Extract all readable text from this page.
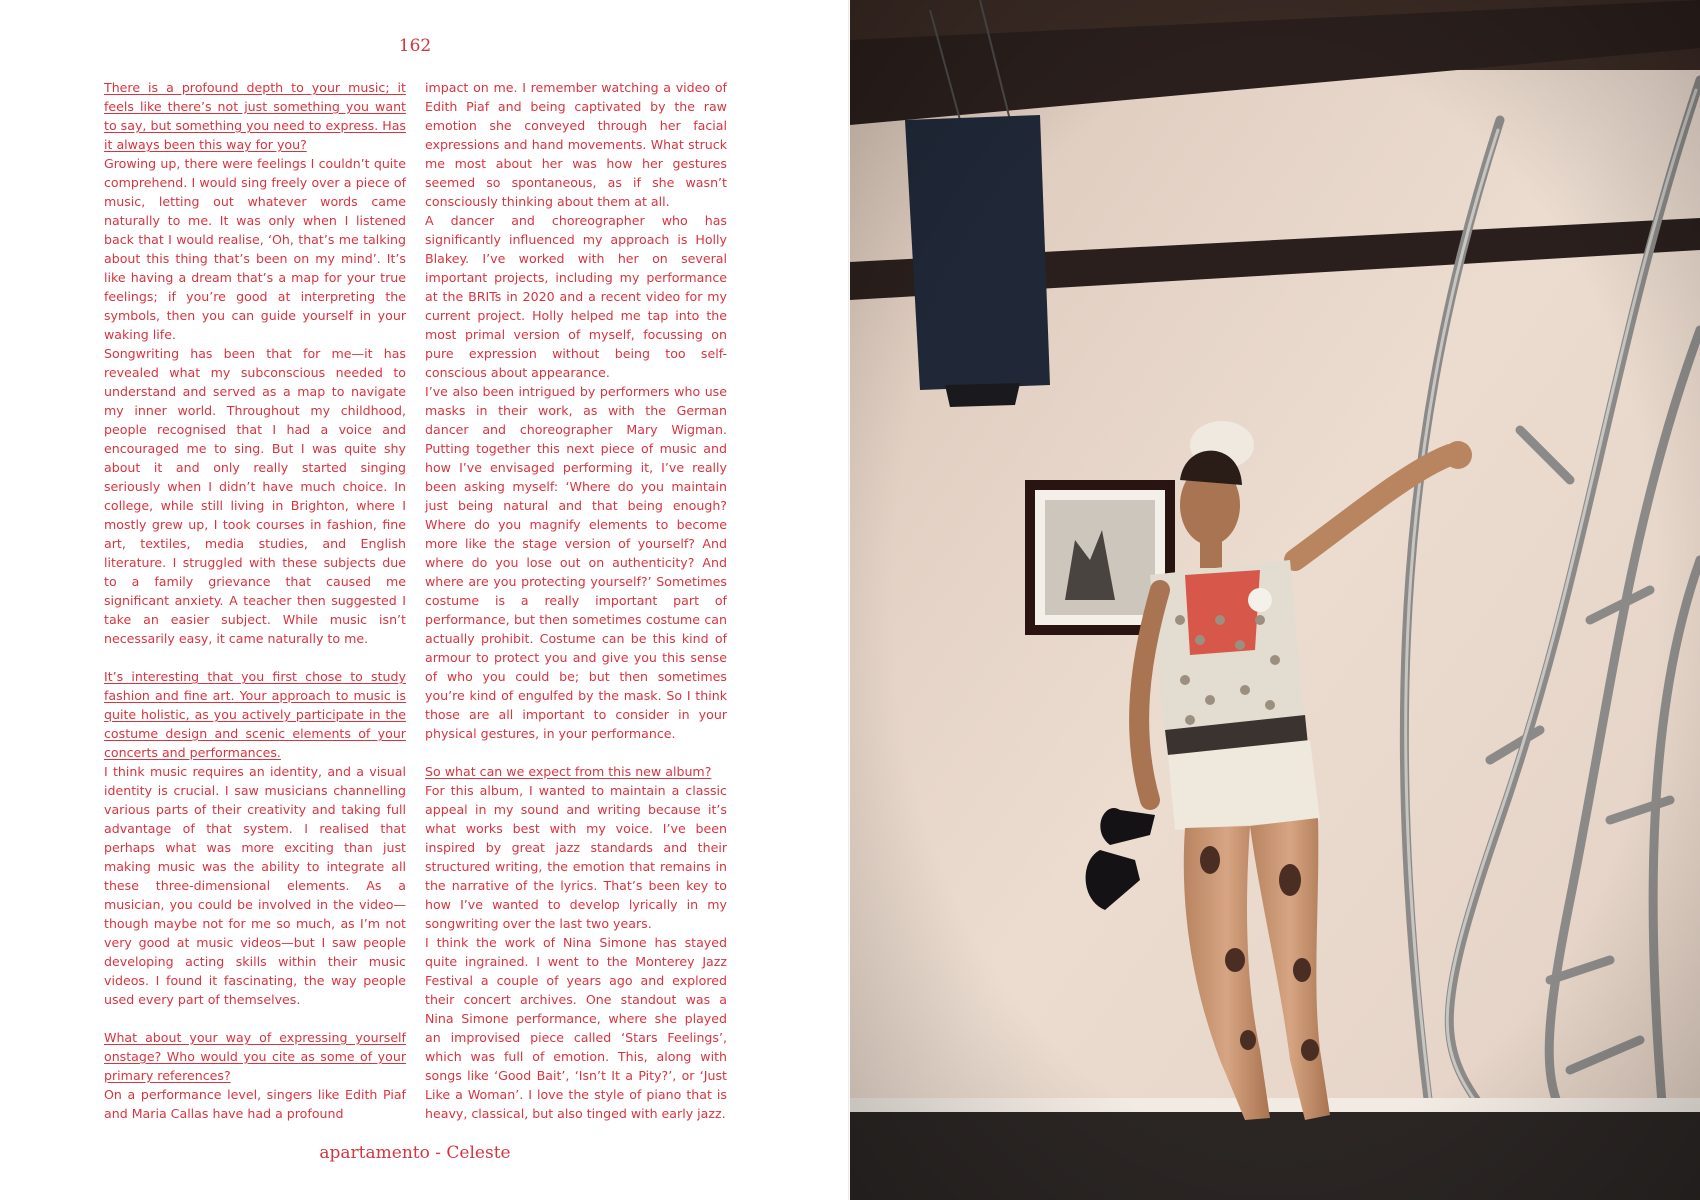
162

There is a profound depth to your music; it feels like there’s not just something you want to say, but something you need to express. Has it always been this way for you?

Growing up, there were feelings I couldn’t quite comprehend. I would sing freely over a piece of music, letting out whatever words came naturally to me. It was only when I listened back that I would realise, ‘Oh, that’s me talking about this thing that’s been on my mind’. It’s like having a dream that’s a map for your true feelings; if you’re good at interpreting the symbols, then you can guide yourself in your waking life.

Songwriting has been that for me—it has revealed what my subconscious needed to understand and served as a map to navigate my inner world. Throughout my childhood, people recognised that I had a voice and encouraged me to sing. But I was quite shy about it and only really started singing seriously when I didn’t have much choice. In college, while still living in Brighton, where I mostly grew up, I took courses in fashion, fine art, textiles, media studies, and English literature. I struggled with these subjects due to a family grievance that caused me significant anxiety. A teacher then suggested I take an easier subject. While music isn’t necessarily easy, it came naturally to me.

It’s interesting that you first chose to study fashion and fine art. Your approach to music is quite holistic, as you actively participate in the costume design and scenic elements of your concerts and performances.

I think music requires an identity, and a visual identity is crucial. I saw musicians channelling various parts of their creativity and taking full advantage of that system. I realised that perhaps what was more exciting than just making music was the ability to integrate all these three-dimensional elements. As a musician, you could be involved in the video—though maybe not for me so much, as I’m not very good at music videos—but I saw people developing acting skills within their music videos. I found it fascinating, the way people used every part of themselves.

What about your way of expressing yourself onstage? Who would you cite as some of your primary references?

On a performance level, singers like Edith Piaf and Maria Callas have had a profound

impact on me. I remember watching a video of Edith Piaf and being captivated by the raw emotion she conveyed through her facial expressions and hand movements. What struck me most about her was how her gestures seemed so spontaneous, as if she wasn’t consciously thinking about them at all.

A dancer and choreographer who has significantly influenced my approach is Holly Blakey. I’ve worked with her on several important projects, including my performance at the BRITs in 2020 and a recent video for my current project. Holly helped me tap into the most primal version of myself, focussing on pure expression without being too self-conscious about appearance.

I’ve also been intrigued by performers who use masks in their work, as with the German dancer and choreographer Mary Wigman. Putting together this next piece of music and how I’ve envisaged performing it, I’ve really been asking myself: ‘Where do you maintain just being natural and that being enough? Where do you magnify elements to become more like the stage version of yourself? And where do you lose out on authenticity? And where are you protecting yourself?’ Sometimes costume is a really important part of performance, but then sometimes costume can actually prohibit. Costume can be this kind of armour to protect you and give you this sense of who you could be; but then sometimes you’re kind of engulfed by the mask. So I think those are all important to consider in your physical gestures, in your performance.

So what can we expect from this new album?

For this album, I wanted to maintain a classic appeal in my sound and writing because it’s what works best with my voice. I’ve been inspired by great jazz standards and their structured writing, the emotion that remains in the narrative of the lyrics. That’s been key to how I’ve wanted to develop lyrically in my songwriting over the last two years.

I think the work of Nina Simone has stayed quite ingrained. I went to the Monterey Jazz Festival a couple of years ago and explored their concert archives. One standout was a Nina Simone performance, where she played an improvised piece called ‘Stars Feelings’, which was full of emotion. This, along with songs like ‘Good Bait’, ‘Isn’t It a Pity?’, or ‘Just Like a Woman’. I love the style of piano that is heavy, classical, but also tinged with early jazz.

apartamento - Celeste
